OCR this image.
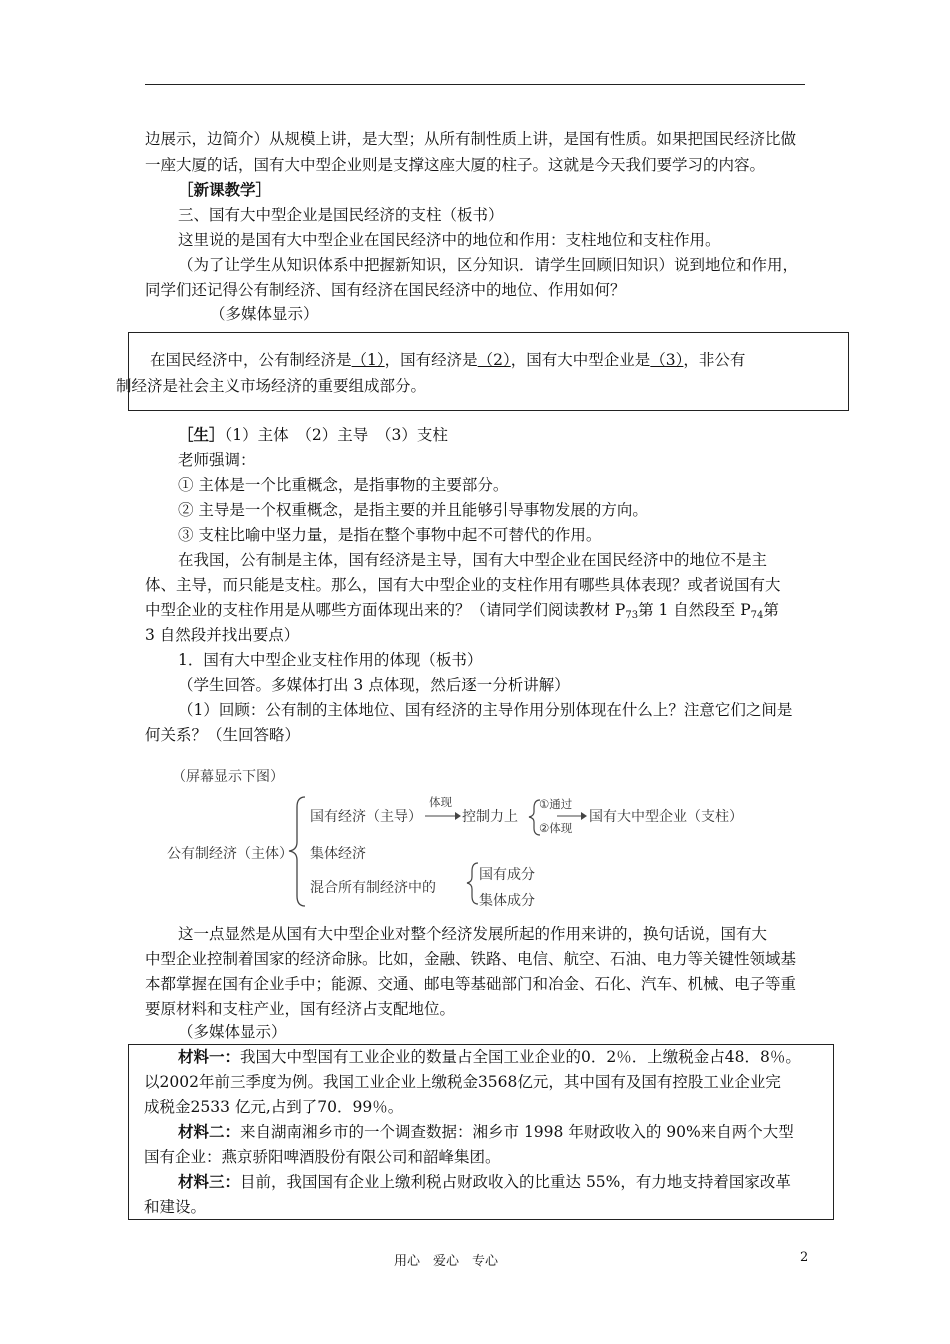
边展示，边简介）从规模上讲，是大型；从所有制性质上讲，是国有性质。如果把国民经济比做
一座大厦的话，国有大中型企业则是支撑这座大厦的柱子。这就是今天我们要学习的内容。
［新课教学］
三、国有大中型企业是国民经济的支柱（板书）
这里说的是国有大中型企业在国民经济中的地位和作用：支柱地位和支柱作用。
（为了让学生从知识体系中把握新知识，区分知识．请学生回顾旧知识）说到地位和作用，
同学们还记得公有制经济、国有经济在国民经济中的地位、作用如何？
（多媒体显示）
在国民经济中，公有制经济是（1），国有经济是（2），国有大中型企业是（3），非公有
制经济是社会主义市场经济的重要组成部分。
［生］（1）主体　（2）主导　（3）支柱
老师强调：
① 主体是一个比重概念，是指事物的主要部分。
② 主导是一个权重概念，是指主要的并且能够引导事物发展的方向。
③ 支柱比喻中坚力量，是指在整个事物中起不可替代的作用。
在我国，公有制是主体，国有经济是主导，国有大中型企业在国民经济中的地位不是主
体、主导，而只能是支柱。那么，国有大中型企业的支柱作用有哪些具体表现？或者说国有大
中型企业的支柱作用是从哪些方面体现出来的？（请同学们阅读教材 $P_{73}$第 1 自然段至 $P_{74}$第
3 自然段并找出要点）
1．国有大中型企业支柱作用的体现（板书）
（学生回答。多媒体打出 3 点体现，然后逐一分析讲解）
（1）回顾：公有制的主体地位、国有经济的主导作用分别体现在什么上？注意它们之间是
何关系？（生回答略）
（屏幕显示下图）
公有制经济（主体）
国有经济（主导）
体现
控制力上
①通过
②体现
国有大中型企业（支柱）
集体经济
混合所有制经济中的
国有成分
集体成分
这一点显然是从国有大中型企业对整个经济发展所起的作用来讲的，换句话说，国有大
中型企业控制着国家的经济命脉。比如，金融、铁路、电信、航空、石油、电力等关键性领域基
本都掌握在国有企业手中；能源、交通、邮电等基础部门和冶金、石化、汽车、机械、电子等重
要原材料和支柱产业，国有经济占支配地位。
（多媒体显示）
材料一：我国大中型国有工业企业的数量占全国工业企业的0．2％．上缴税金占48．8％。
以2002年前三季度为例。我国工业企业上缴税金3568亿元，其中国有及国有控股工业企业完
成税金2533 亿元,占到了70．99％。
材料二：来自湖南湘乡市的一个调查数据：湘乡市 1998 年财政收入的 90%来自两个大型
国有企业：燕京骄阳啤酒股份有限公司和韶峰集团。
材料三：目前，我国国有企业上缴利税占财政收入的比重达 55%，有力地支持着国家改革
和建设。
用心　爱心　专心	2
